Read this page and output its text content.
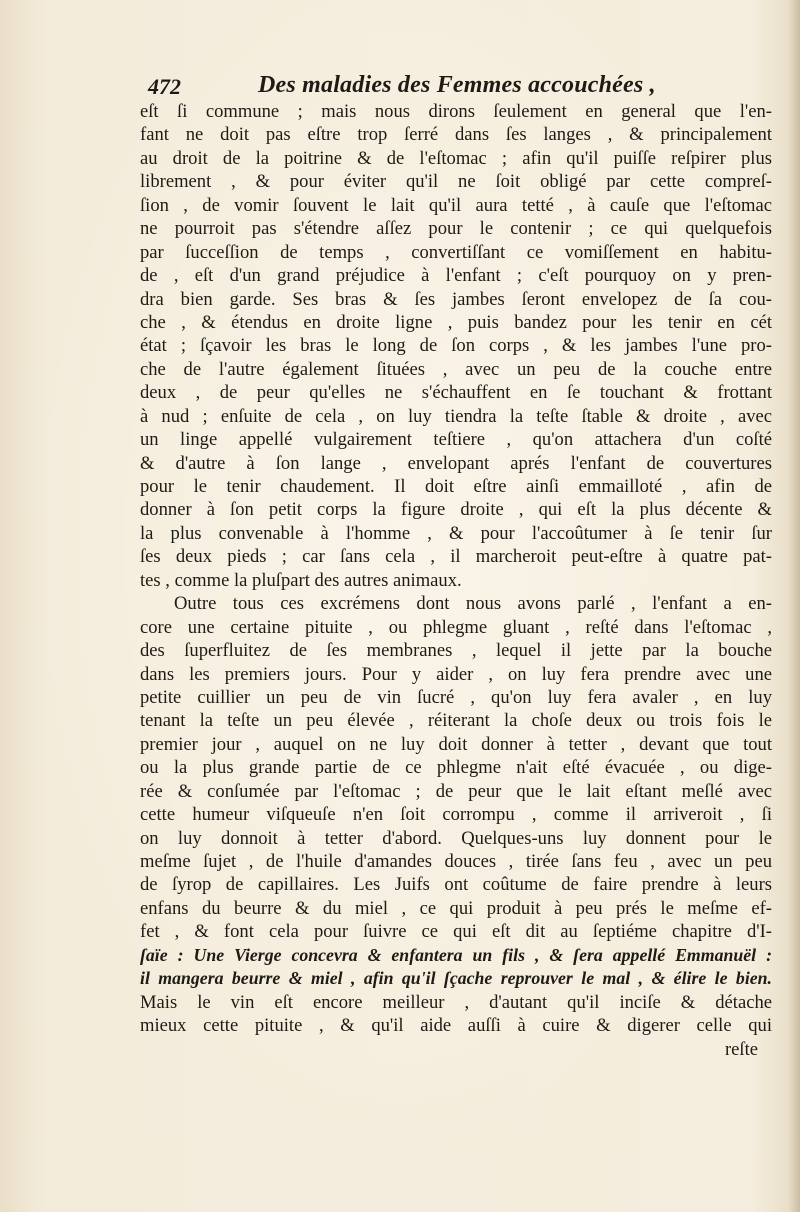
472	Des maladies des Femmes accouchées ,
eſt ſi commune ; mais nous dirons ſeulement en general que l'en-
fant ne doit pas eſtre trop ſerré dans ſes langes , & principalement
au droit de la poitrine & de l'eſtomac ; afin qu'il puiſſe reſpirer plus
librement , & pour éviter qu'il ne ſoit obligé par cette compreſ-
ſion , de vomir ſouvent le lait qu'il aura tetté , à cauſe que l'eſtomac
ne pourroit pas s'étendre aſſez pour le contenir ; ce qui quelquefois
par ſucceſſion de temps , convertiſſant ce vomiſſement en habitu-
de , eſt d'un grand préjudice à l'enfant ; c'eſt pourquoy on y pren-
dra bien garde. Ses bras & ſes jambes ſeront envelopez de ſa cou-
che , & étendus en droite ligne , puis bandez pour les tenir en cét
état ; ſçavoir les bras le long de ſon corps , & les jambes l'une pro-
che de l'autre également ſituées , avec un peu de la couche entre
deux , de peur qu'elles ne s'échauffent en ſe touchant & frottant
à nud ; enſuite de cela , on luy tiendra la teſte ſtable & droite , avec
un linge appellé vulgairement teſtiere , qu'on attachera d'un coſté
& d'autre à ſon lange , envelopant aprés l'enfant de couvertures
pour le tenir chaudement. Il doit eſtre ainſi emmailloté , afin de
donner à ſon petit corps la figure droite , qui eſt la plus décente &
la plus convenable à l'homme , & pour l'accoûtumer à ſe tenir ſur
ſes deux pieds ; car ſans cela , il marcheroit peut-eſtre à quatre pat-
tes , comme la pluſpart des autres animaux.
Outre tous ces excrémens dont nous avons parlé , l'enfant a en-
core une certaine pituite , ou phlegme gluant , reſté dans l'eſtomac ,
des ſuperfluitez de ſes membranes , lequel il jette par la bouche
dans les premiers jours. Pour y aider , on luy fera prendre avec une
petite cuillier un peu de vin ſucré , qu'on luy fera avaler , en luy
tenant la teſte un peu élevée , réiterant la choſe deux ou trois fois le
premier jour , auquel on ne luy doit donner à tetter , devant que tout
ou la plus grande partie de ce phlegme n'ait eſté évacuée , ou dige-
rée & conſumée par l'eſtomac ; de peur que le lait eſtant meſlé avec
cette humeur viſqueuſe n'en ſoit corrompu , comme il arriveroit , ſi
on luy donnoit à tetter d'abord. Quelques-uns luy donnent pour le
meſme ſujet , de l'huile d'amandes douces , tirée ſans feu , avec un peu
de ſyrop de capillaires. Les Juifs ont coûtume de faire prendre à leurs
enfans du beurre & du miel , ce qui produit à peu prés le meſme ef-
fet , & font cela pour ſuivre ce qui eſt dit au ſeptiéme chapitre d'I-
ſaïe : Une Vierge concevra & enfantera un fils , & ſera appellé Emmanuël :
il mangera beurre & miel , afin qu'il ſçache reprouver le mal , & élire le bien.
Mais le vin eſt encore meilleur , d'autant qu'il inciſe & détache
mieux cette pituite , & qu'il aide auſſi à cuire & digerer celle qui
reſte
